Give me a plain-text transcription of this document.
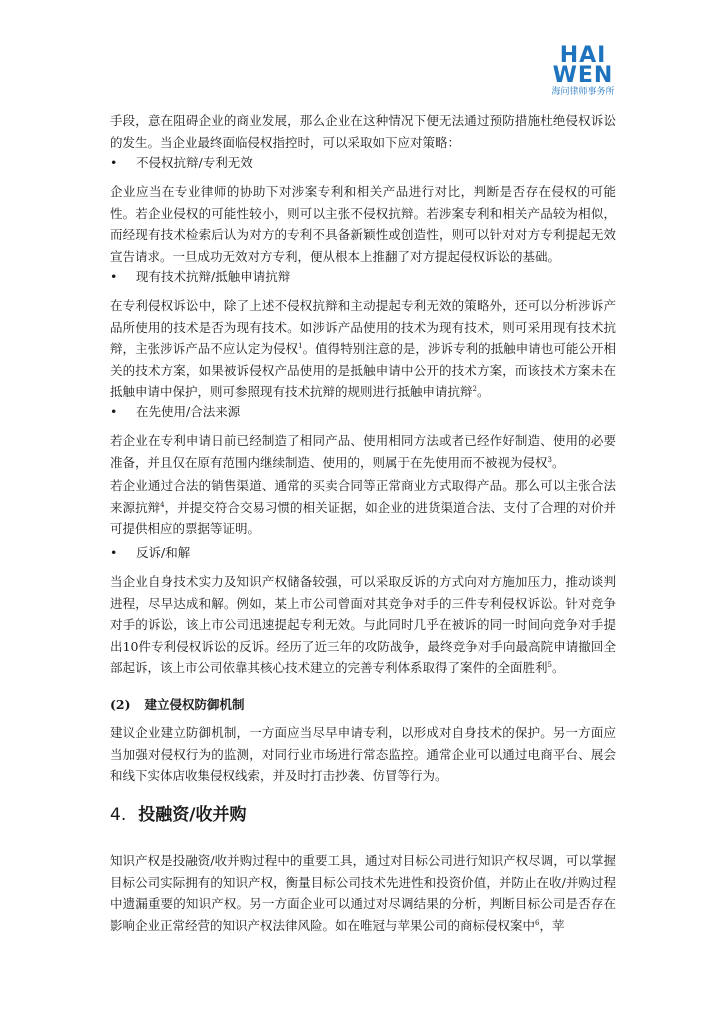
HAI
WEN
海问律师事务所
手段，意在阻碍企业的商业发展，那么企业在这种情况下便无法通过预防措施杜绝侵权诉讼的发生。当企业最终面临侵权指控时，可以采取如下应对策略：
• 不侵权抗辩/专利无效
企业应当在专业律师的协助下对涉案专利和相关产品进行对比，判断是否存在侵权的可能性。若企业侵权的可能性较小，则可以主张不侵权抗辩。若涉案专利和相关产品较为相似，而经现有技术检索后认为对方的专利不具备新颖性或创造性，则可以针对对方专利提起无效宣告请求。一旦成功无效对方专利，便从根本上推翻了对方提起侵权诉讼的基础。
• 现有技术抗辩/抵触申请抗辩
在专利侵权诉讼中，除了上述不侵权抗辩和主动提起专利无效的策略外，还可以分析涉诉产品所使用的技术是否为现有技术。如涉诉产品使用的技术为现有技术，则可采用现有技术抗辩，主张涉诉产品不应认定为侵权$^1$。值得特别注意的是，涉诉专利的抵触申请也可能公开相关的技术方案，如果被诉侵权产品使用的是抵触申请中公开的技术方案，而该技术方案未在抵触申请中保护，则可参照现有技术抗辩的规则进行抵触申请抗辩$^2$。
• 在先使用/合法来源
若企业在专利申请日前已经制造了相同产品、使用相同方法或者已经作好制造、使用的必要准备，并且仅在原有范围内继续制造、使用的，则属于在先使用而不被视为侵权$^3$。
若企业通过合法的销售渠道、通常的买卖合同等正常商业方式取得产品。那么可以主张合法来源抗辩$^4$，并提交符合交易习惯的相关证据，如企业的进货渠道合法、支付了合理的对价并可提供相应的票据等证明。
• 反诉/和解
当企业自身技术实力及知识产权储备较强，可以采取反诉的方式向对方施加压力，推动谈判进程，尽早达成和解。例如，某上市公司曾面对其竞争对手的三件专利侵权诉讼。针对竞争对手的诉讼，该上市公司迅速提起专利无效。与此同时几乎在被诉的同一时间向竞争对手提出10件专利侵权诉讼的反诉。经历了近三年的攻防战争，最终竞争对手向最高院申请撤回全部起诉，该上市公司依靠其核心技术建立的完善专利体系取得了案件的全面胜利$^5$。
(2) 建立侵权防御机制
建议企业建立防御机制，一方面应当尽早申请专利，以形成对自身技术的保护。另一方面应当加强对侵权行为的监测，对同行业市场进行常态监控。通常企业可以通过电商平台、展会和线下实体店收集侵权线索，并及时打击抄袭、仿冒等行为。
4. 投融资/收并购
知识产权是投融资/收并购过程中的重要工具，通过对目标公司进行知识产权尽调，可以掌握目标公司实际拥有的知识产权，衡量目标公司技术先进性和投资价值，并防止在收/并购过程中遗漏重要的知识产权。另一方面企业可以通过对尽调结果的分析，判断目标公司是否存在影响企业正常经营的知识产权法律风险。如在唯冠与苹果公司的商标侵权案中$^6$，苹
